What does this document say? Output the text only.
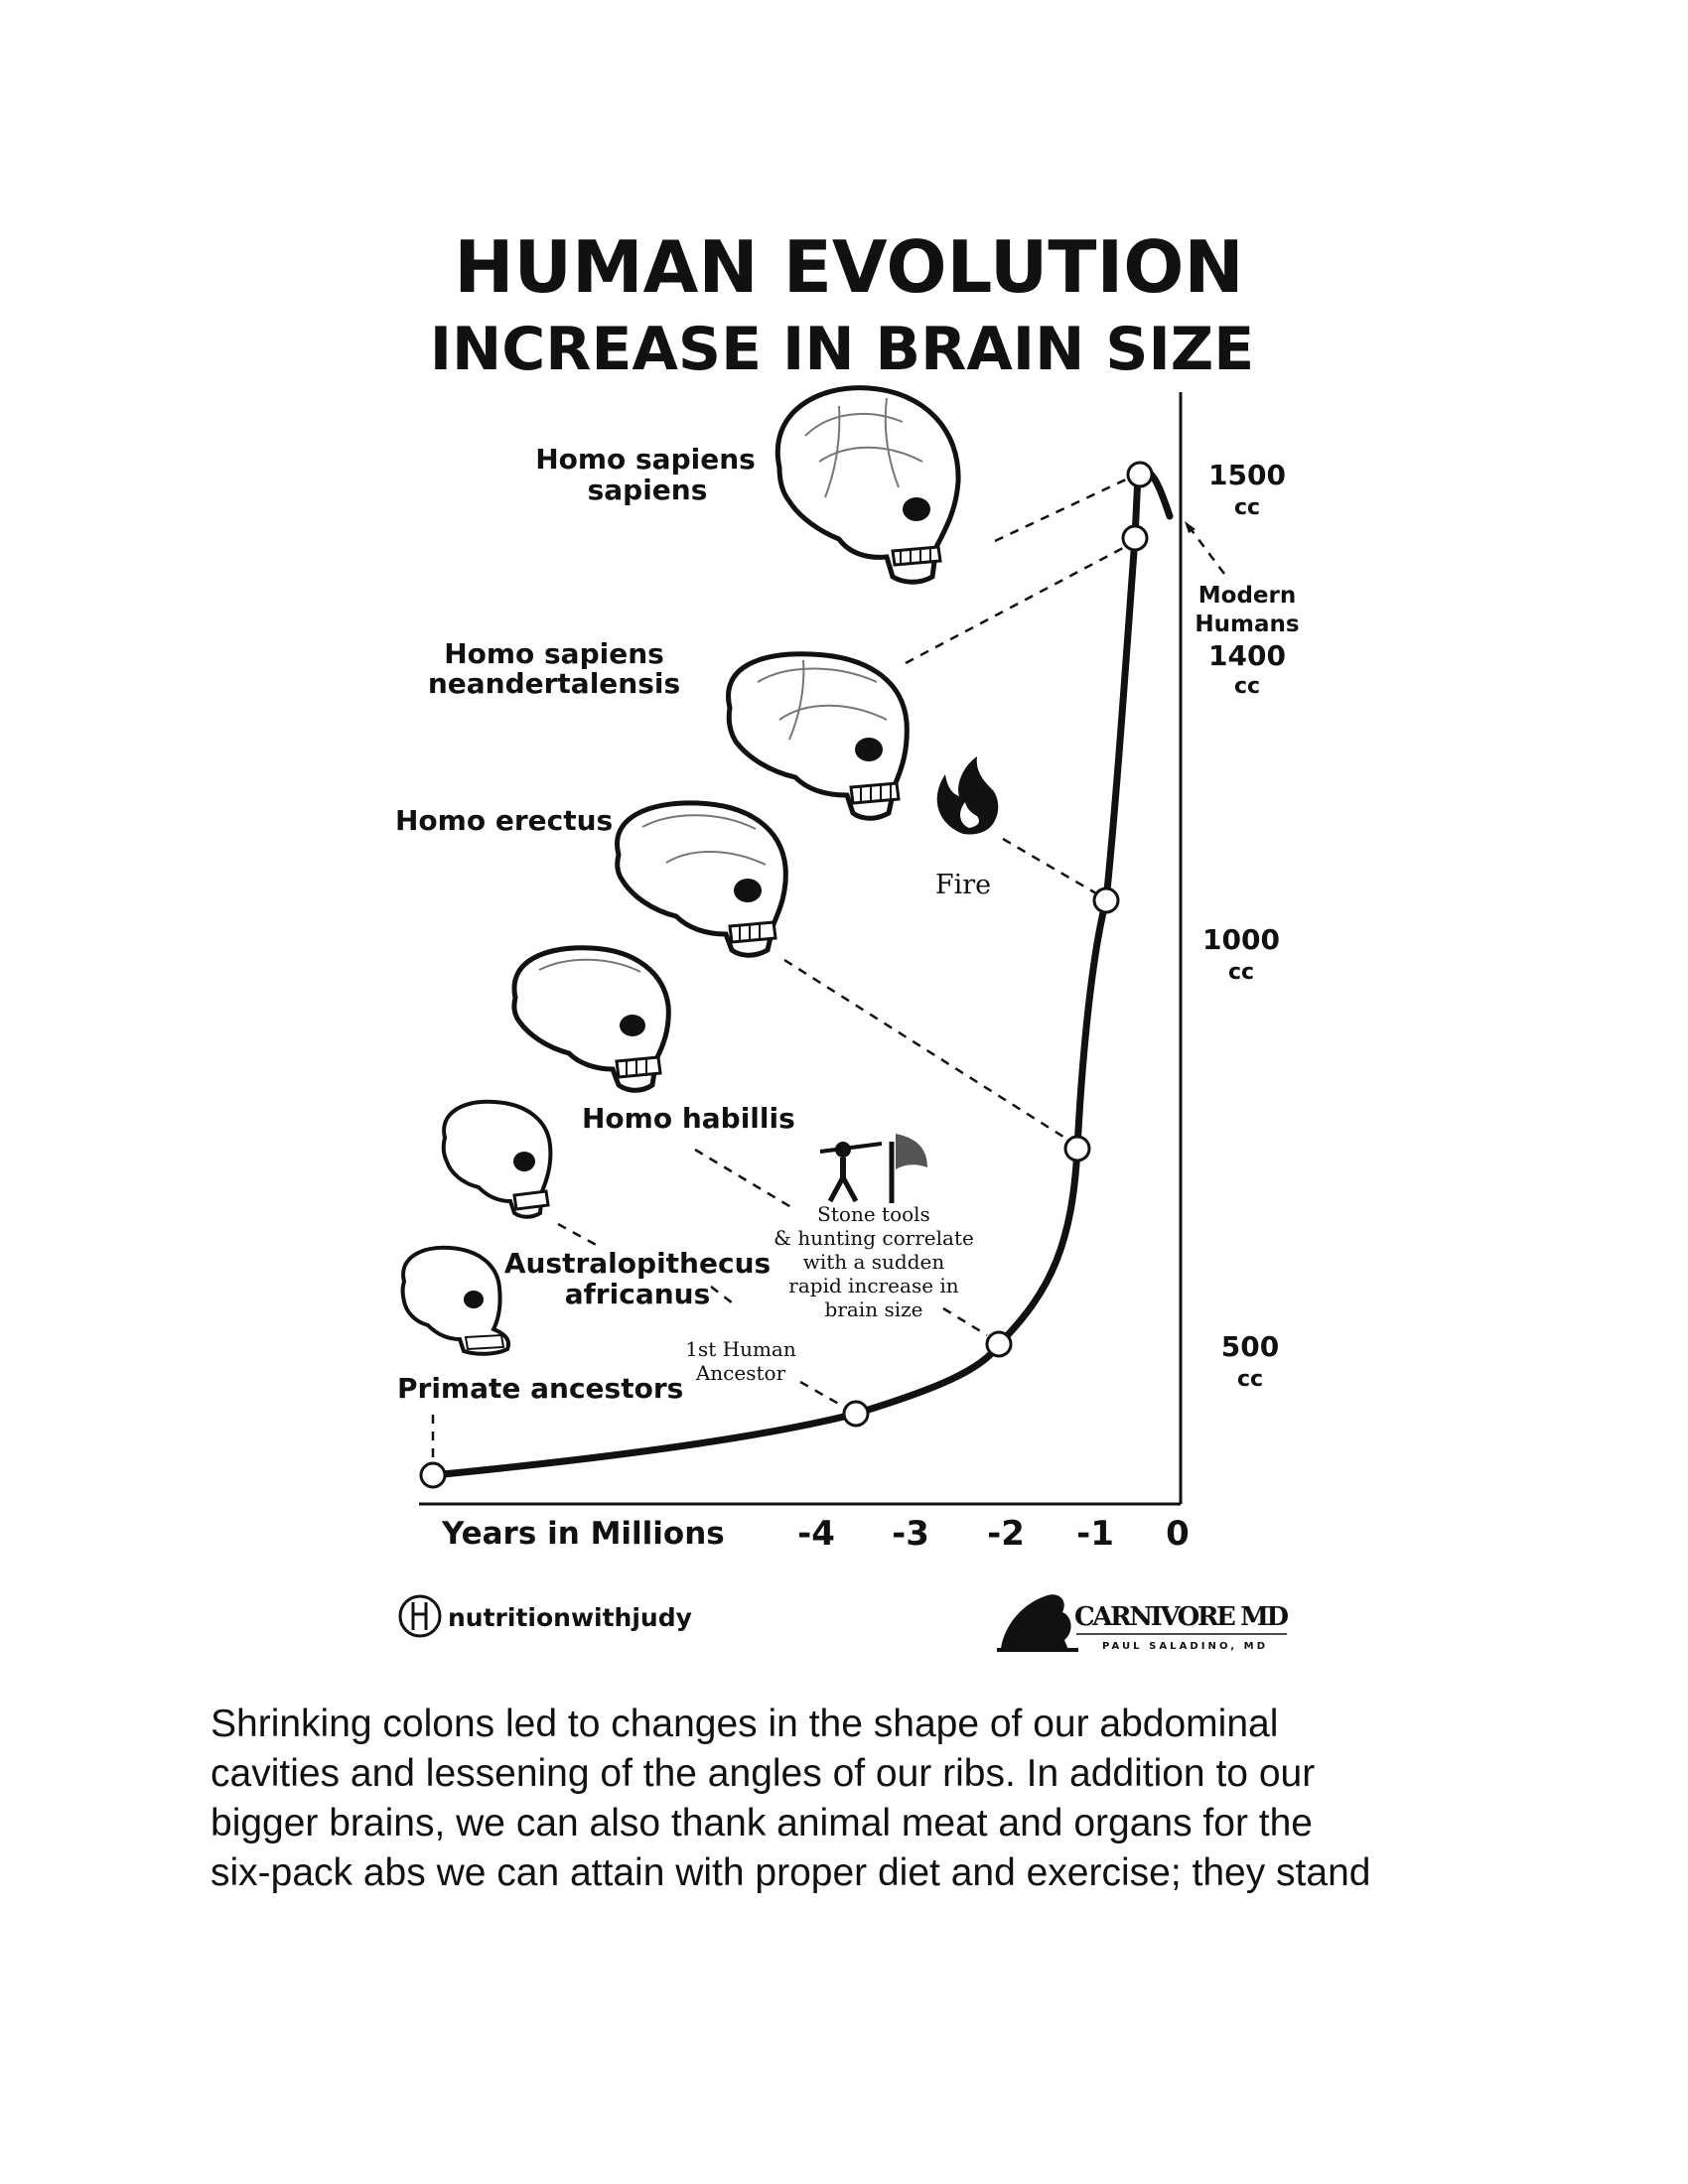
HUMAN EVOLUTION
INCREASE IN BRAIN SIZE
Homo sapiens
sapiens
Homo sapiens
neandertalensis
Homo erectus
Homo habillis
Australopithecus
africanus
Primate ancestors
1500
cc
Modern
Humans
1400
cc
1000
cc
500
cc
Fire
Stone tools
& hunting correlate
with a sudden
rapid increase in
brain size
1st Human
Ancestor
Years in Millions -4 -3 -2 -1 0
nutritionwithjudy	CARNIVORE MD
PAUL SALADINO, MD
Shrinking colons led to changes in the shape of our abdominal
cavities and lessening of the angles of our ribs. In addition to our
bigger brains, we can also thank animal meat and organs for the
six-pack abs we can attain with proper diet and exercise; they stand
